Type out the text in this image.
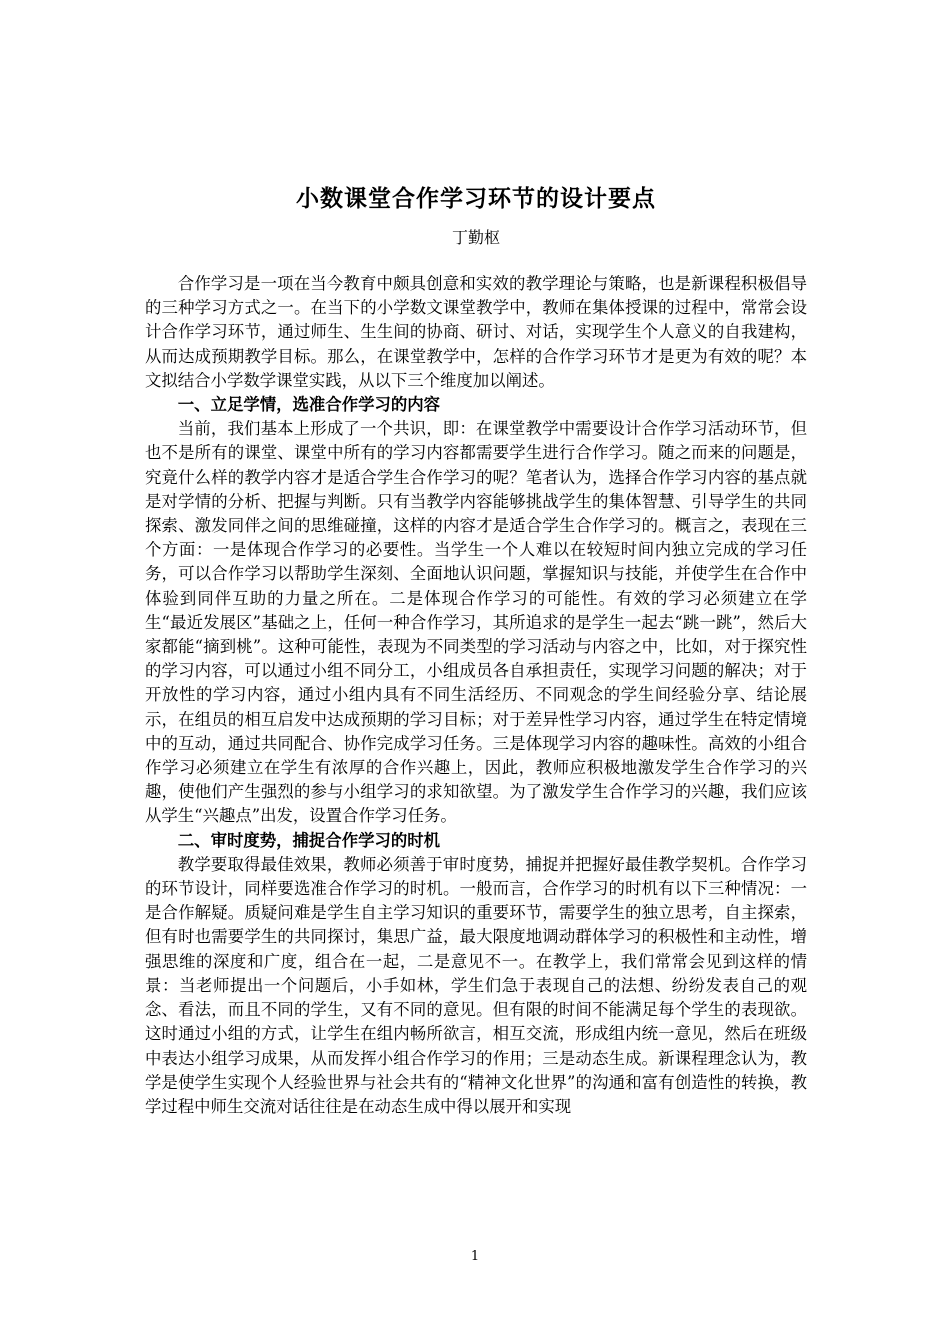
小数课堂合作学习环节的设计要点

丁勤枢

合作学习是一项在当今教育中颇具创意和实效的教学理论与策略，也是新课程积极倡导的三种学习方式之一。在当下的小学数文课堂教学中，教师在集体授课的过程中，常常会设计合作学习环节，通过师生、生生间的协商、研讨、对话，实现学生个人意义的自我建构，从而达成预期教学目标。那么，在课堂教学中，怎样的合作学习环节才是更为有效的呢？本文拟结合小学数学课堂实践，从以下三个维度加以阐述。

一、立足学情，选准合作学习的内容

当前，我们基本上形成了一个共识，即：在课堂教学中需要设计合作学习活动环节，但也不是所有的课堂、课堂中所有的学习内容都需要学生进行合作学习。随之而来的问题是，究竟什么样的教学内容才是适合学生合作学习的呢？笔者认为，选择合作学习内容的基点就是对学情的分析、把握与判断。只有当教学内容能够挑战学生的集体智慧、引导学生的共同探索、激发同伴之间的思维碰撞，这样的内容才是适合学生合作学习的。概言之，表现在三个方面：一是体现合作学习的必要性。当学生一个人难以在较短时间内独立完成的学习任务，可以合作学习以帮助学生深刻、全面地认识问题，掌握知识与技能，并使学生在合作中体验到同伴互助的力量之所在。二是体现合作学习的可能性。有效的学习必须建立在学生“最近发展区”基础之上，任何一种合作学习，其所追求的是学生一起去“跳一跳”，然后大家都能“摘到桃”。这种可能性，表现为不同类型的学习活动与内容之中，比如，对于探究性的学习内容，可以通过小组不同分工，小组成员各自承担责任，实现学习问题的解决；对于开放性的学习内容，通过小组内具有不同生活经历、不同观念的学生间经验分享、结论展示，在组员的相互启发中达成预期的学习目标；对于差异性学习内容，通过学生在特定情境中的互动，通过共同配合、协作完成学习任务。三是体现学习内容的趣味性。高效的小组合作学习必须建立在学生有浓厚的合作兴趣上，因此，教师应积极地激发学生合作学习的兴趣，使他们产生强烈的参与小组学习的求知欲望。为了激发学生合作学习的兴趣，我们应该从学生“兴趣点”出发，设置合作学习任务。

二、审时度势，捕捉合作学习的时机

教学要取得最佳效果，教师必须善于审时度势，捕捉并把握好最佳教学契机。合作学习的环节设计，同样要选准合作学习的时机。一般而言，合作学习的时机有以下三种情况：一是合作解疑。质疑问难是学生自主学习知识的重要环节，需要学生的独立思考，自主探索，但有时也需要学生的共同探讨，集思广益，最大限度地调动群体学习的积极性和主动性，增强思维的深度和广度，组合在一起，二是意见不一。在教学上，我们常常会见到这样的情景：当老师提出一个问题后，小手如林，学生们急于表现自己的法想、纷纷发表自己的观念、看法，而且不同的学生，又有不同的意见。但有限的时间不能满足每个学生的表现欲。这时通过小组的方式，让学生在组内畅所欲言，相互交流，形成组内统一意见，然后在班级中表达小组学习成果，从而发挥小组合作学习的作用；三是动态生成。新课程理念认为，教学是使学生实现个人经验世界与社会共有的“精神文化世界”的沟通和富有创造性的转换，教学过程中师生交流对话往往是在动态生成中得以展开和实现

1
